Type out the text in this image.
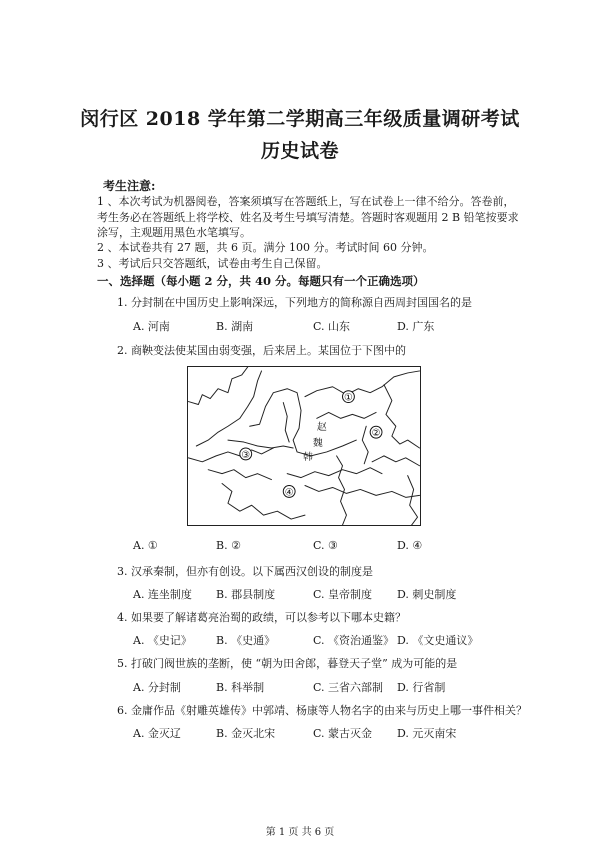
闵行区 2018 学年第二学期高三年级质量调研考试
历史试卷
考生注意:
1 、本次考试为机器阅卷，答案须填写在答题纸上，写在试卷上一律不给分。答卷前，
考生务必在答题纸上将学校、姓名及考生号填写清楚。答题时客观题用 2 B 铅笔按要求
涂写，主观题用黑色水笔填写。
2 、本试卷共有 27 题，共 6 页。满分 100 分。考试时间 60 分钟。
3 、考试后只交答题纸，试卷由考生自己保留。
一、选择题（每小题 2 分，共 40 分。每题只有一个正确选项）
1. 分封制在中国历史上影响深远，下列地方的简称源自西周封国国名的是
A. 河南	B. 湖南	C. 山东	D. 广东
2. 商鞅变法使某国由弱变强，后来居上。某国位于下图中的
①
②
③
④
赵
魏
韩
A. ①	B. ②	C. ③	D. ④
3. 汉承秦制，但亦有创设。以下属西汉创设的制度是
A. 连坐制度 B. 郡县制度	C. 皇帝制度 D. 刺史制度
4. 如果要了解诸葛亮治蜀的政绩，可以参考以下哪本史籍？
A. 《史记》 B. 《史通》	C. 《资治通鉴》 D. 《文史通议》
5. 打破门阀世族的垄断，使 “朝为田舍郎，暮登天子堂” 成为可能的是
A. 分封制	B. 科举制	C. 三省六部制 D. 行省制
6. 金庸作品《射雕英雄传》中郭靖、杨康等人物名字的由来与历史上哪一事件相关？
A. 金灭辽	B. 金灭北宋	C. 蒙古灭金 D. 元灭南宋
第 1 页 共 6 页
